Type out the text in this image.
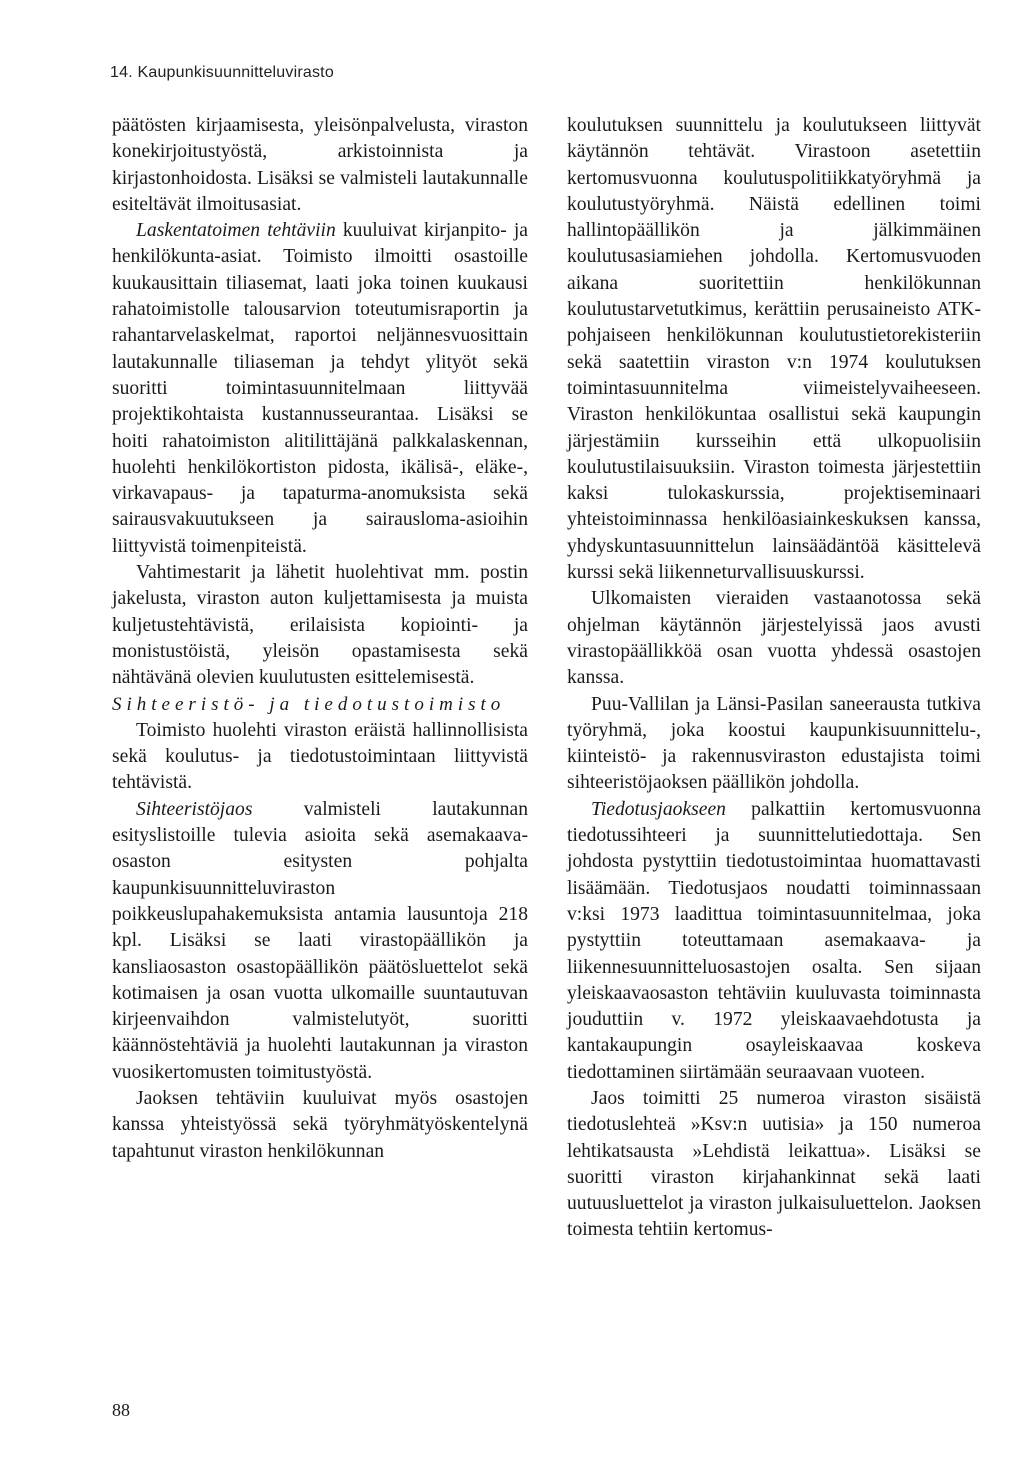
14. Kaupunkisuunnitteluvirasto

päätösten kirjaamisesta, yleisönpalvelusta, viraston konekirjoitustyöstä, arkistoinnista ja kirjastonhoidosta. Lisäksi se valmisteli lautakunnalle esiteltävät ilmoitusasiat.

Laskentatoimen tehtäviin kuuluivat kirjanpito- ja henkilökunta-asiat. Toimisto ilmoitti osastoille kuukausittain tiliasemat, laati joka toinen kuukausi rahatoimistolle talousarvion toteutumisraportin ja rahantarvelaskelmat, raportoi neljännesvuosittain lautakunnalle tiliaseman ja tehdyt ylityöt sekä suoritti toimintasuunnitelmaan liittyvää projektikohtaista kustannusseurantaa. Lisäksi se hoiti rahatoimiston alitilittäjänä palkkalaskennan, huolehti henkilökortiston pidosta, ikälisä-, eläke-, virkavapaus- ja tapaturma-anomuksista sekä sairausvakuutukseen ja sairausloma-asioihin liittyvistä toimenpiteistä.

Vahtimestarit ja lähetit huolehtivat mm. postin jakelusta, viraston auton kuljettamisesta ja muista kuljetustehtävistä, erilaisista kopiointi- ja monistustöistä, yleisön opastamisesta sekä nähtävänä olevien kuulutusten esittelemisestä.

Sihteeristö- ja tiedotustoimisto

Toimisto huolehti viraston eräistä hallinnollisista sekä koulutus- ja tiedotustoimintaan liittyvistä tehtävistä.

Sihteeristöjaos valmisteli lautakunnan esityslistoille tulevia asioita sekä asemakaava-osaston esitysten pohjalta kaupunkisuunnitteluviraston poikkeuslupahakemuksista antamia lausuntoja 218 kpl. Lisäksi se laati virastopäällikön ja kansliaosaston osastopäällikön päätösluettelot sekä kotimaisen ja osan vuotta ulkomaille suuntautuvan kirjeenvaihdon valmistelutyöt, suoritti käännöstehtäviä ja huolehti lautakunnan ja viraston vuosikertomusten toimitustyöstä.

Jaoksen tehtäviin kuuluivat myös osastojen kanssa yhteistyössä sekä työryhmätyöskentelynä tapahtunut viraston henkilökunnan

koulutuksen suunnittelu ja koulutukseen liittyvät käytännön tehtävät. Virastoon asetettiin kertomusvuonna koulutuspolitiikkatyöryhmä ja koulutustyöryhmä. Näistä edellinen toimi hallintopäällikön ja jälkimmäinen koulutusasiamiehen johdolla. Kertomusvuoden aikana suoritettiin henkilökunnan koulutustarvetutkimus, kerättiin perusaineisto ATK-pohjaiseen henkilökunnan koulutustietorekisteriin sekä saatettiin viraston v:n 1974 koulutuksen toimintasuunnitelma viimeistelyvaiheeseen. Viraston henkilökuntaa osallistui sekä kaupungin järjestämiin kursseihin että ulkopuolisiin koulutustilaisuuksiin. Viraston toimesta järjestettiin kaksi tulokaskurssia, projektiseminaari yhteistoiminnassa henkilöasiainkeskuksen kanssa, yhdyskuntasuunnittelun lainsäädäntöä käsittelevä kurssi sekä liikenneturvallisuuskurssi.

Ulkomaisten vieraiden vastaanotossa sekä ohjelman käytännön järjestelyissä jaos avusti virastopäällikköä osan vuotta yhdessä osastojen kanssa.

Puu-Vallilan ja Länsi-Pasilan saneerausta tutkiva työryhmä, joka koostui kaupunkisuunnittelu-, kiinteistö- ja rakennusviraston edustajista toimi sihteeristöjaoksen päällikön johdolla.

Tiedotusjaokseen palkattiin kertomusvuonna tiedotussihteeri ja suunnittelutiedottaja. Sen johdosta pystyttiin tiedotustoimintaa huomattavasti lisäämään. Tiedotusjaos noudatti toiminnassaan v:ksi 1973 laadittua toimintasuunnitelmaa, joka pystyttiin toteuttamaan asemakaava- ja liikennesuunnitteluosastojen osalta. Sen sijaan yleiskaavaosaston tehtäviin kuuluvasta toiminnasta jouduttiin v. 1972 yleiskaavaehdotusta ja kantakaupungin osayleiskaavaa koskeva tiedottaminen siirtämään seuraavaan vuoteen.

Jaos toimitti 25 numeroa viraston sisäistä tiedotuslehteä »Ksv:n uutisia» ja 150 numeroa lehtikatsausta »Lehdistä leikattua». Lisäksi se suoritti viraston kirjahankinnat sekä laati uutuusluettelot ja viraston julkaisuluettelon. Jaoksen toimesta tehtiin kertomus-

88
